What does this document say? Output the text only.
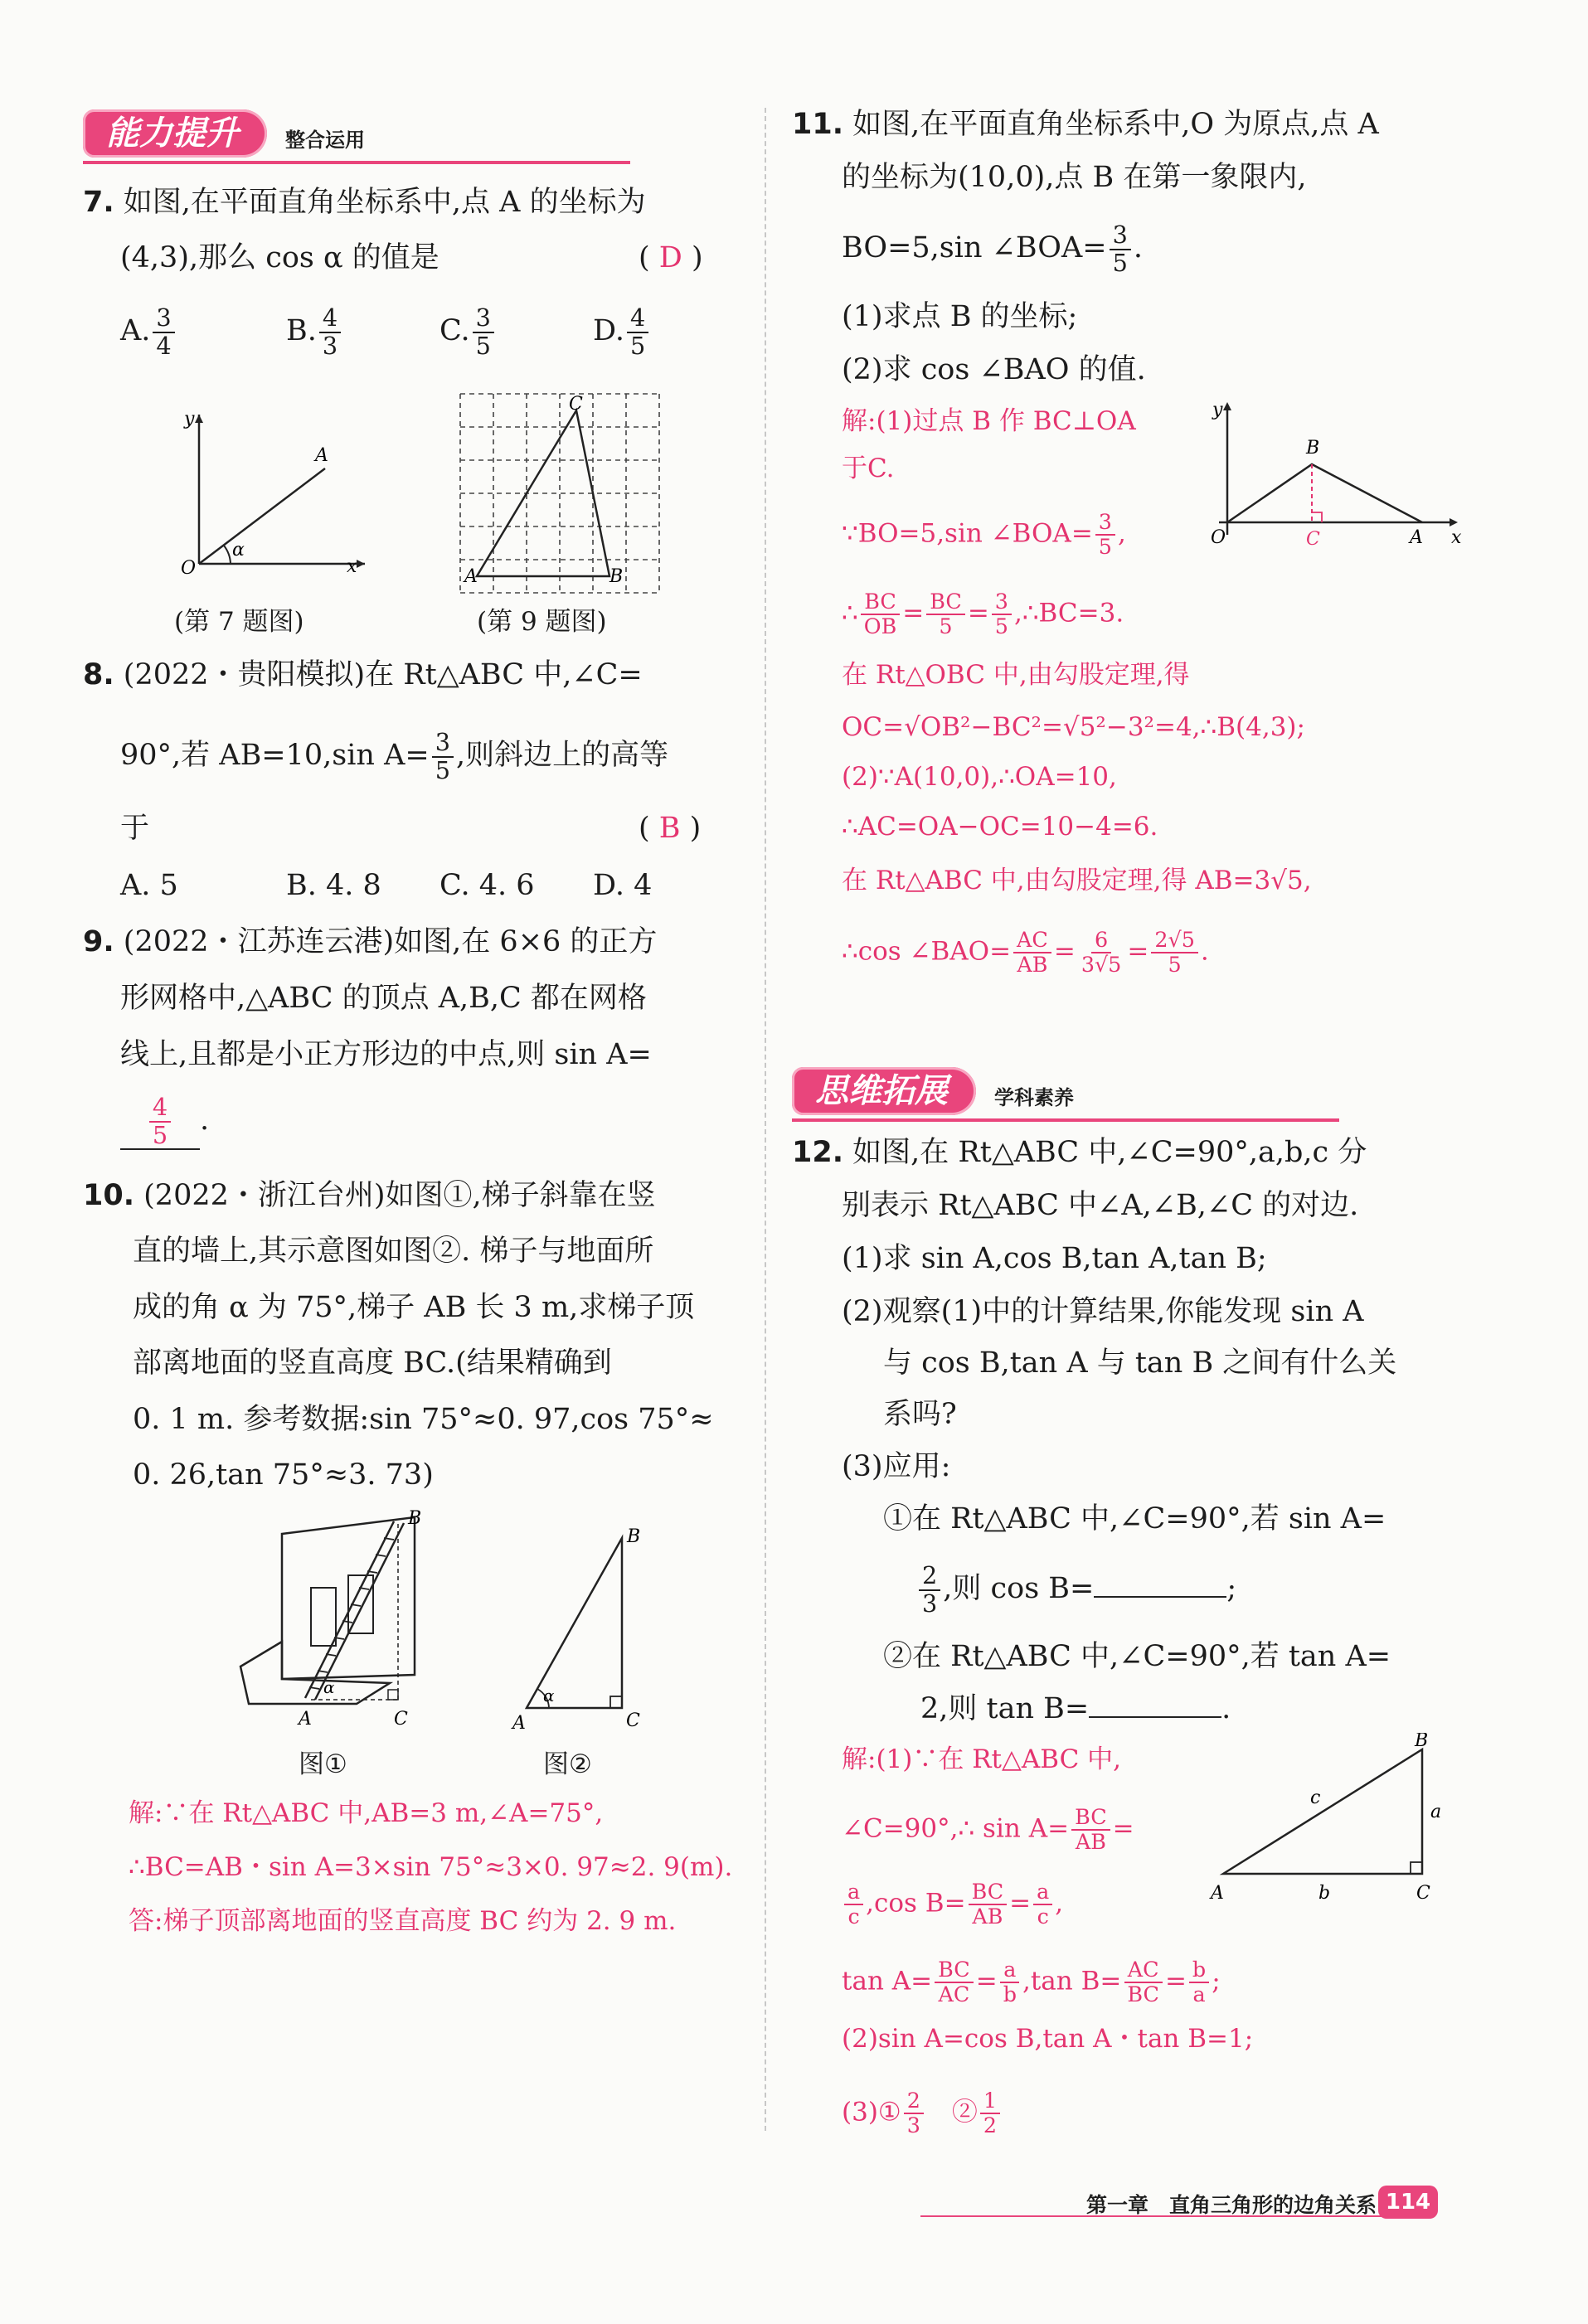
能力提升	整合运用
7. 如图,在平面直角坐标系中,点 A 的坐标为
(4,3),那么 cos α 的值是	( D )
A. $\frac{3}{4}$	B. $\frac{4}{3}$	C. $\frac{3}{5}$	D. $\frac{4}{5}$
x
y
O
A
α
(第 7 题图)
A	B
C
(第 9 题图)
8. (2022・贵阳模拟)在 Rt△ABC 中,∠C=
90°,若 AB=10,sin $A= \frac{3}{5}$ ,则斜边上的高等
于	( B )
A. 5	B. 4. 8 C. 4. 6 D. 4
9. (2022・江苏连云港)如图,在 6×6 的正方
形网格中,△ABC 的顶点 A,B,C 都在网格
线上,且都是小正方形边的中点,则 sin A=
$\frac{4}{5}$ .
10. (2022・浙江台州)如图①,梯子斜靠在竖
直的墙上,其示意图如图②. 梯子与地面所
成的角 α 为 75°,梯子 AB 长 3 m,求梯子顶
部离地面的竖直高度 BC.(结果精确到
0. 1 m. 参考数据:sin 75°≈0. 97,cos 75°≈
0. 26,tan 75°≈3. 73)
α
A	C
B
图①
α
A	C
B
图②
解:∵在 Rt△ABC 中,AB=3 m,∠A=75°,
∴BC=AB・sin A=3×sin 75°≈3×0. 97≈2. 9(m).
答:梯子顶部离地面的竖直高度 BC 约为 2. 9 m.
11. 如图,在平面直角坐标系中,O 为原点,点 A
的坐标为(10,0),点 B 在第一象限内,
BO=5,sin ∠BOA= $\frac{3}{5}$ .
(1)求点 B 的坐标;
(2)求 cos ∠BAO 的值.
解:(1)过点 B 作 BC⊥OA
于C.
∵BO=5,sin ∠BOA= $\frac{3}{5}$ ,
∴ $\frac{BC}{OB} = \frac{BC}{5} = \frac{3}{5}$ ,∴BC=3.
在 Rt△OBC 中,由勾股定理,得
OC=√OB²−BC²=√5²−3²=4,∴B(4,3);
(2)∵A(10,0),∴OA=10,
∴AC=OA−OC=10−4=6.
在 Rt△ABC 中,由勾股定理,得 AB=3√5,
∴cos ∠BAO= $\frac{AC}{AB} = \frac{6}{3√5} = \frac{2√5}{5}$ .
y
x
O
B
C	A
思维拓展	学科素养
12. 如图,在 Rt△ABC 中,∠C=90°,a,b,c 分
别表示 Rt△ABC 中∠A,∠B,∠C 的对边.
(1)求 sin A,cos B,tan A,tan B;
(2)观察(1)中的计算结果,你能发现 sin A
与 cos B,tan A 与 tan B 之间有什么关
系吗?
(3)应用:
①在 Rt△ABC 中,∠C=90°,若 sin A=
$\frac{2}{3}$ ,则 cos B=	;
②在 Rt△ABC 中,∠C=90°,若 tan A=
2,则 tan B=	.
解:(1)∵在 Rt△ABC 中,
∠C=90°,∴ $\sin A= \frac{BC}{AB}$ =
$\frac{a}{c} ,\cos$ $B= \frac{BC}{AB} = \frac{a}{c}$ ,
$\tan A= \frac{BC}{AC} = \frac{a}{b} ,\tan$ $B= \frac{AC}{BC} = \frac{b}{a}$ ;
(2)sin A=cos B,tan A・tan B=1;
(3)① $\frac{2}{3}$
　 ② $\frac{1}{2}$
A	C
B
b
a
c
第一章　直角三角形的边角关系 114
